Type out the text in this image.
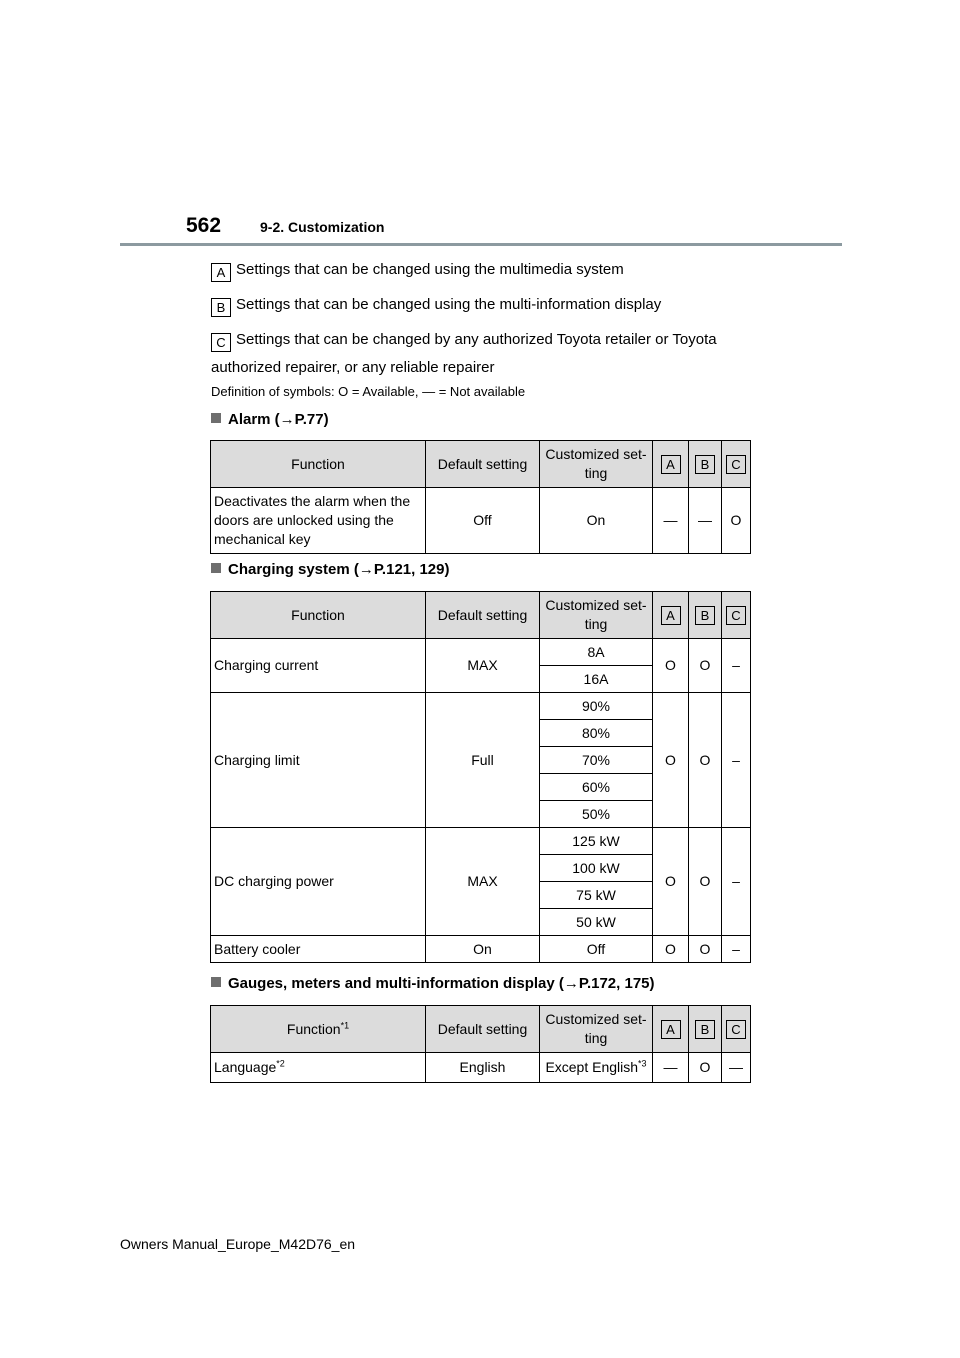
562	9-2. Customization
A Settings that can be changed using the multimedia system
B Settings that can be changed using the multi-information display
C Settings that can be changed by any authorized Toyota retailer or Toyota
authorized repairer, or any reliable repairer
Definition of symbols: O = Available, — = Not available
Alarm (→P.77)
Function	Default setting	Customized set-ting	A	B	C
Deactivates the alarm when the doors are unlocked using the mechanical key	Off	On	—	—	O
Charging system (→P.121, 129)
Function	Default setting	Customized set-ting	A	B	C
Charging current	MAX	8A	O	O	–
		16A			
Charging limit	Full	90%	O	O	–
		80%			
		70%			
		60%			
		50%			
DC charging power	MAX	125 kW	O	O	–
		100 kW			
		75 kW			
		50 kW			
Battery cooler	On	Off	O	O	–
Gauges, meters and multi-information display (→P.172, 175)
Function$^{*1}$	Default setting	Customized set-ting	A	B	C
Language$^{*2}$	English	Except English$^{*3}$	—	O	—
Owners Manual_Europe_M42D76_en
